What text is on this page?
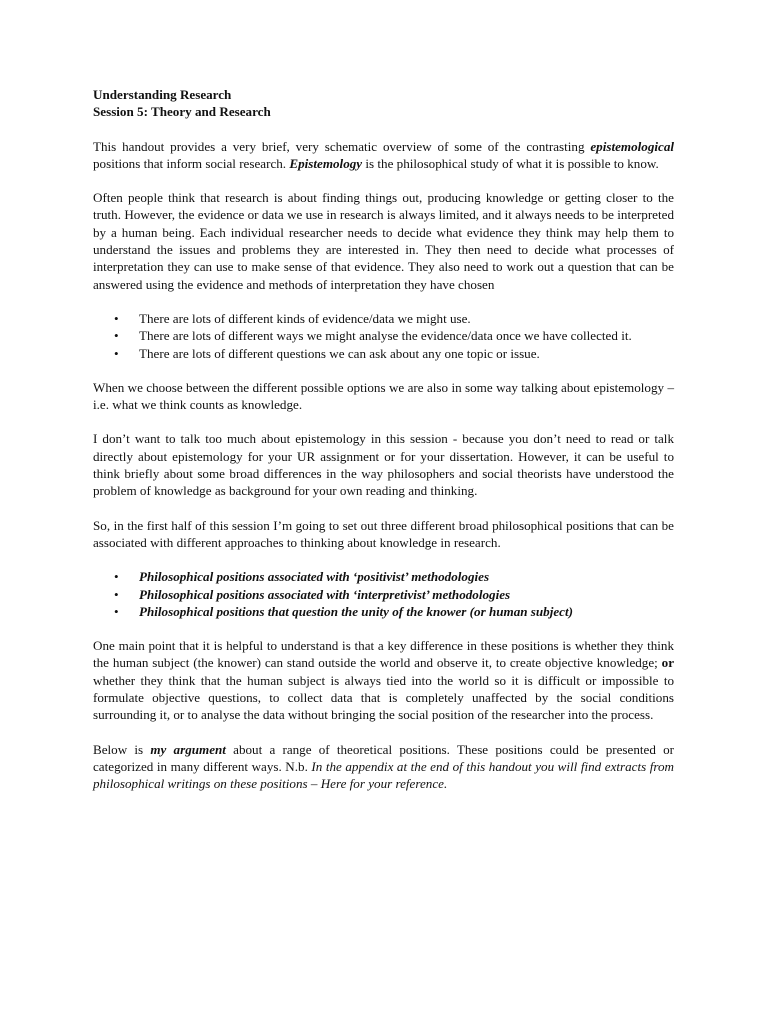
Understanding Research

Session 5: Theory and Research

This handout provides a very brief, very schematic overview of some of the contrasting epistemological positions that inform social research. Epistemology is the philosophical study of what it is possible to know.

Often people think that research is about finding things out, producing knowledge or getting closer to the truth. However, the evidence or data we use in research is always limited, and it always needs to be interpreted by a human being. Each individual researcher needs to decide what evidence they think may help them to understand the issues and problems they are interested in. They then need to decide what processes of interpretation they can use to make sense of that evidence. They also need to work out a question that can be answered using the evidence and methods of interpretation they have chosen

• There are lots of different kinds of evidence/data we might use.
• There are lots of different ways we might analyse the evidence/data once we have collected it.
• There are lots of different questions we can ask about any one topic or issue.

When we choose between the different possible options we are also in some way talking about epistemology – i.e. what we think counts as knowledge.

I don’t want to talk too much about epistemology in this session - because you don’t need to read or talk directly about epistemology for your UR assignment or for your dissertation. However, it can be useful to think briefly about some broad differences in the way philosophers and social theorists have understood the problem of knowledge as background for your own reading and thinking.

So, in the first half of this session I’m going to set out three different broad philosophical positions that can be associated with different approaches to thinking about knowledge in research.

• Philosophical positions associated with ‘positivist’ methodologies
• Philosophical positions associated with ‘interpretivist’ methodologies
• Philosophical positions that question the unity of the knower (or human subject)

One main point that it is helpful to understand is that a key difference in these positions is whether they think the human subject (the knower) can stand outside the world and observe it, to create objective knowledge; or whether they think that the human subject is always tied into the world so it is difficult or impossible to formulate objective questions, to collect data that is completely unaffected by the social conditions surrounding it, or to analyse the data without bringing the social position of the researcher into the process.

Below is my argument about a range of theoretical positions. These positions could be presented or categorized in many different ways. N.b. In the appendix at the end of this handout you will find extracts from philosophical writings on these positions – Here for your reference.
